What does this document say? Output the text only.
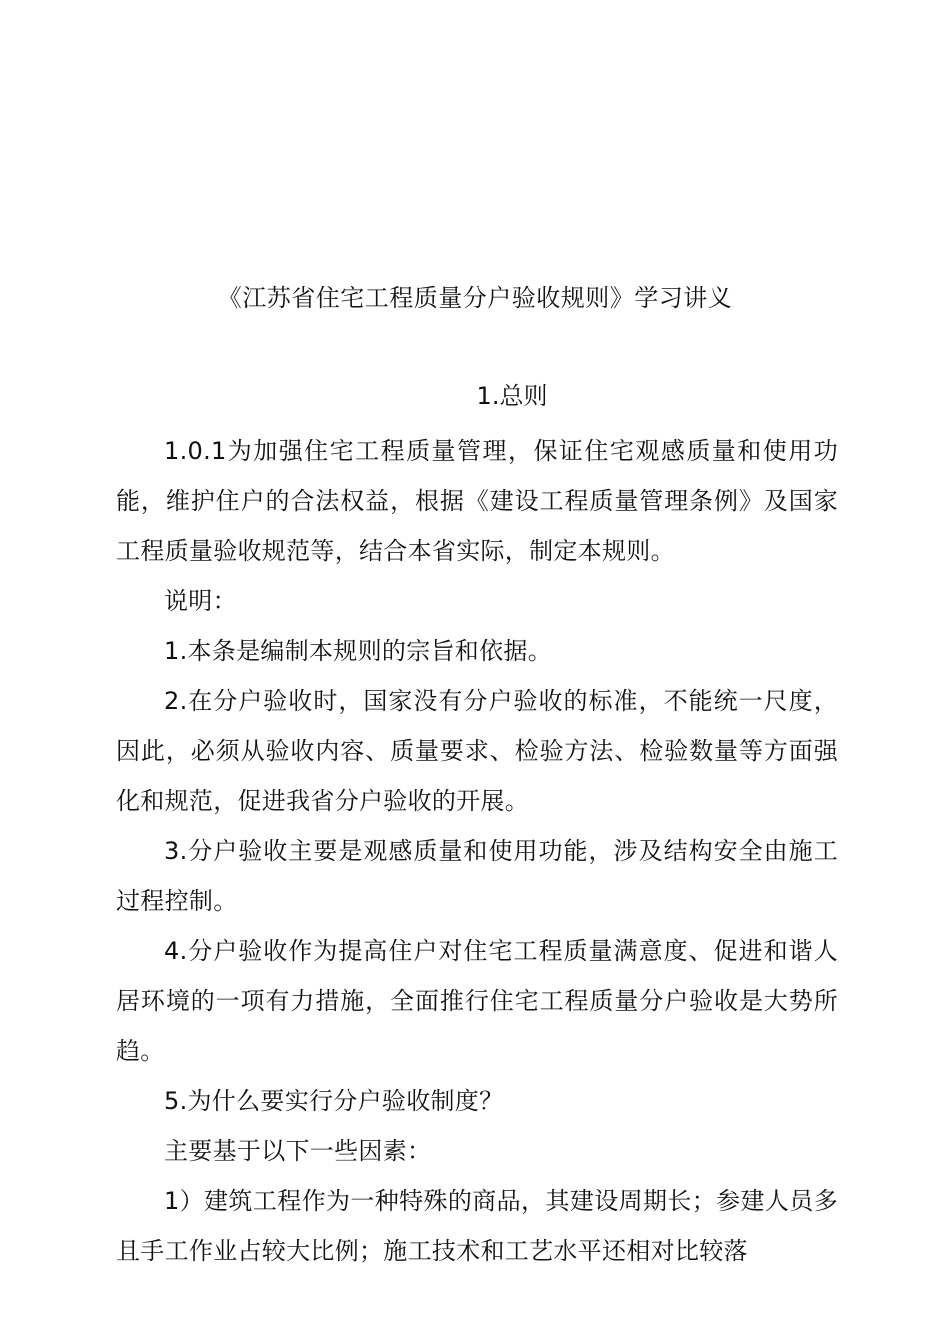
《江苏省住宅工程质量分户验收规则》学习讲义
1.总则

1.0.1为加强住宅工程质量管理，保证住宅观感质量和使用功能，维护住户的合法权益，根据《建设工程质量管理条例》及国家工程质量验收规范等，结合本省实际，制定本规则。

说明：

1.本条是编制本规则的宗旨和依据。

2.在分户验收时，国家没有分户验收的标准，不能统一尺度，因此，必须从验收内容、质量要求、检验方法、检验数量等方面强化和规范，促进我省分户验收的开展。

3.分户验收主要是观感质量和使用功能，涉及结构安全由施工过程控制。

4.分户验收作为提高住户对住宅工程质量满意度、促进和谐人居环境的一项有力措施，全面推行住宅工程质量分户验收是大势所趋。

5.为什么要实行分户验收制度？

主要基于以下一些因素：

1）建筑工程作为一种特殊的商品，其建设周期长；参建人员多且手工作业占较大比例；施工技术和工艺水平还相对比较落
